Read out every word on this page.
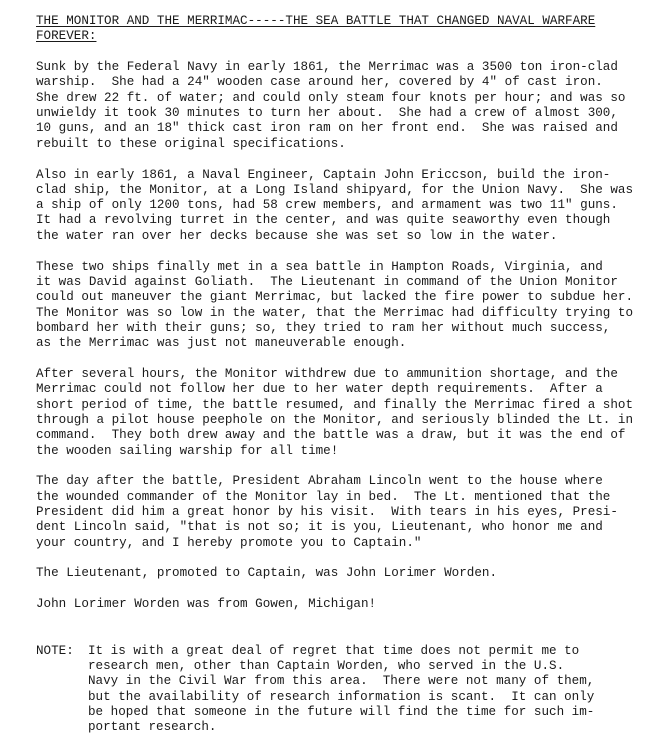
THE MONITOR AND THE MERRIMAC-----THE SEA BATTLE THAT CHANGED NAVAL WARFARE
FOREVER:
Sunk by the Federal Navy in early 1861, the Merrimac was a 3500 ton iron-clad
warship.  She had a 24" wooden case around her, covered by 4" of cast iron.
She drew 22 ft. of water; and could only steam four knots per hour; and was so
unwieldy it took 30 minutes to turn her about.  She had a crew of almost 300,
10 guns, and an 18" thick cast iron ram on her front end.  She was raised and
rebuilt to these original specifications.
Also in early 1861, a Naval Engineer, Captain John Ericcson, build the iron-
clad ship, the Monitor, at a Long Island shipyard, for the Union Navy.  She was
a ship of only 1200 tons, had 58 crew members, and armament was two 11" guns.
It had a revolving turret in the center, and was quite seaworthy even though
the water ran over her decks because she was set so low in the water.
These two ships finally met in a sea battle in Hampton Roads, Virginia, and
it was David against Goliath.  The Lieutenant in command of the Union Monitor
could out maneuver the giant Merrimac, but lacked the fire power to subdue her.
The Monitor was so low in the water, that the Merrimac had difficulty trying to
bombard her with their guns; so, they tried to ram her without much success,
as the Merrimac was just not maneuverable enough.
After several hours, the Monitor withdrew due to ammunition shortage, and the
Merrimac could not follow her due to her water depth requirements.  After a
short period of time, the battle resumed, and finally the Merrimac fired a shot
through a pilot house peephole on the Monitor, and seriously blinded the Lt. in
command.  They both drew away and the battle was a draw, but it was the end of
the wooden sailing warship for all time!
The day after the battle, President Abraham Lincoln went to the house where
the wounded commander of the Monitor lay in bed.  The Lt. mentioned that the
President did him a great honor by his visit.  With tears in his eyes, Presi-
dent Lincoln said, "that is not so; it is you, Lieutenant, who honor me and
your country, and I hereby promote you to Captain."
The Lieutenant, promoted to Captain, was John Lorimer Worden.
John Lorimer Worden was from Gowen, Michigan!
NOTE: It is with a great deal of regret that time does not permit me to
research men, other than Captain Worden, who served in the U.S.
Navy in the Civil War from this area.  There were not many of them,
but the availability of research information is scant.  It can only
be hoped that someone in the future will find the time for such im-
portant research.
